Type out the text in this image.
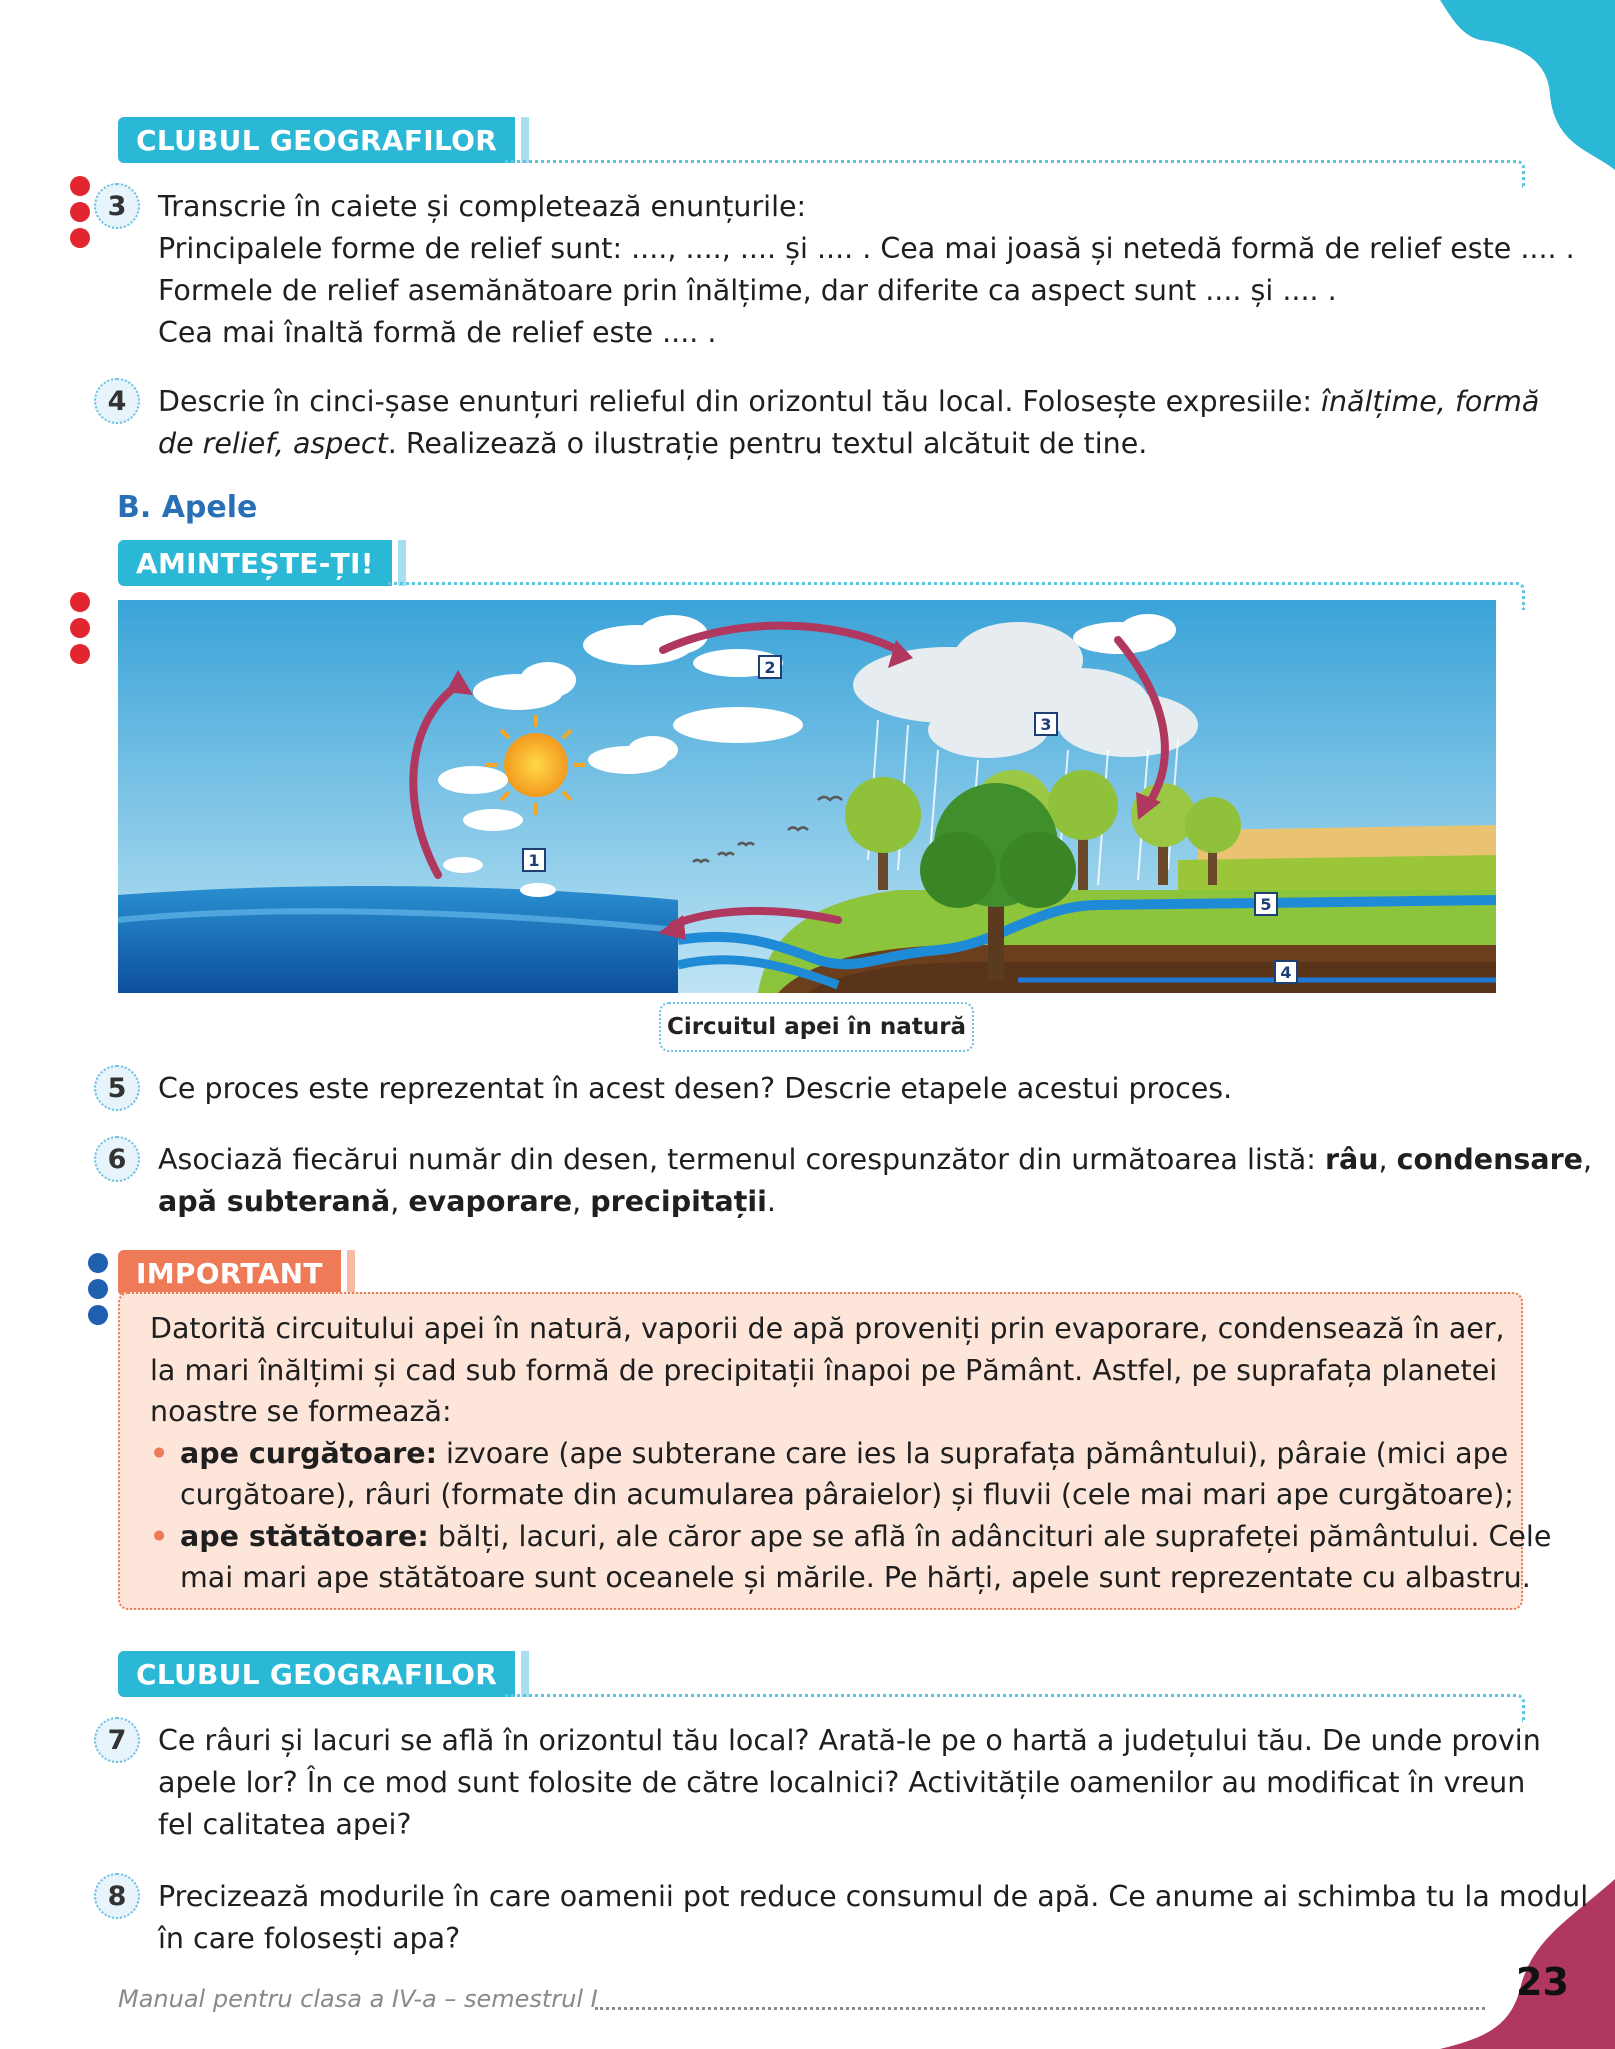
CLUBUL GEOGRAFILOR
3	Transcrie în caiete și completează enunțurile:

Principalele forme de relief sunt: ...., ...., .... și .... . Cea mai joasă și netedă formă de relief este .... .

Formele de relief asemănătoare prin înălțime, dar diferite ca aspect sunt .... și .... .

Cea mai înaltă formă de relief este .... .

4	Descrie în cinci-șase enunțuri relieful din orizontul tău local. Folosește expresiile: înălțime, formă

de relief, aspect. Realizează o ilustrație pentru textul alcătuit de tine.

B. Apele
AMINTEȘTE-ȚI!
1
2
3
4
5
Circuitul apei în natură
5	Ce proces este reprezentat în acest desen? Descrie etapele acestui proces.

6	Asociază fiecărui număr din desen, termenul corespunzător din următoarea listă: râu, condensare,

apă subterană, evaporare, precipitații.

IMPORTANT

Datorită circuitului apei în natură, vaporii de apă proveniți prin evaporare, condensează în aer,

la mari înălțimi și cad sub formă de precipitații înapoi pe Pământ. Astfel, pe suprafața planetei

noastre se formează:

• ape curgătoare: izvoare (ape subterane care ies la suprafața pământului), pâraie (mici ape

curgătoare), râuri (formate din acumularea pâraielor) și fluvii (cele mai mari ape curgătoare);

• ape stătătoare: bălți, lacuri, ale căror ape se află în adâncituri ale suprafeței pământului. Cele

mai mari ape stătătoare sunt oceanele și mările. Pe hărți, apele sunt reprezentate cu albastru.

CLUBUL GEOGRAFILOR
7	Ce râuri și lacuri se află în orizontul tău local? Arată-le pe o hartă a județului tău. De unde provin

apele lor? În ce mod sunt folosite de către localnici? Activitățile oamenilor au modificat în vreun

fel calitatea apei?

8	Precizează modurile în care oamenii pot reduce consumul de apă. Ce anume ai schimba tu la modul

în care folosești apa?

Manual pentru clasa a IV-a – semestrul I	23
